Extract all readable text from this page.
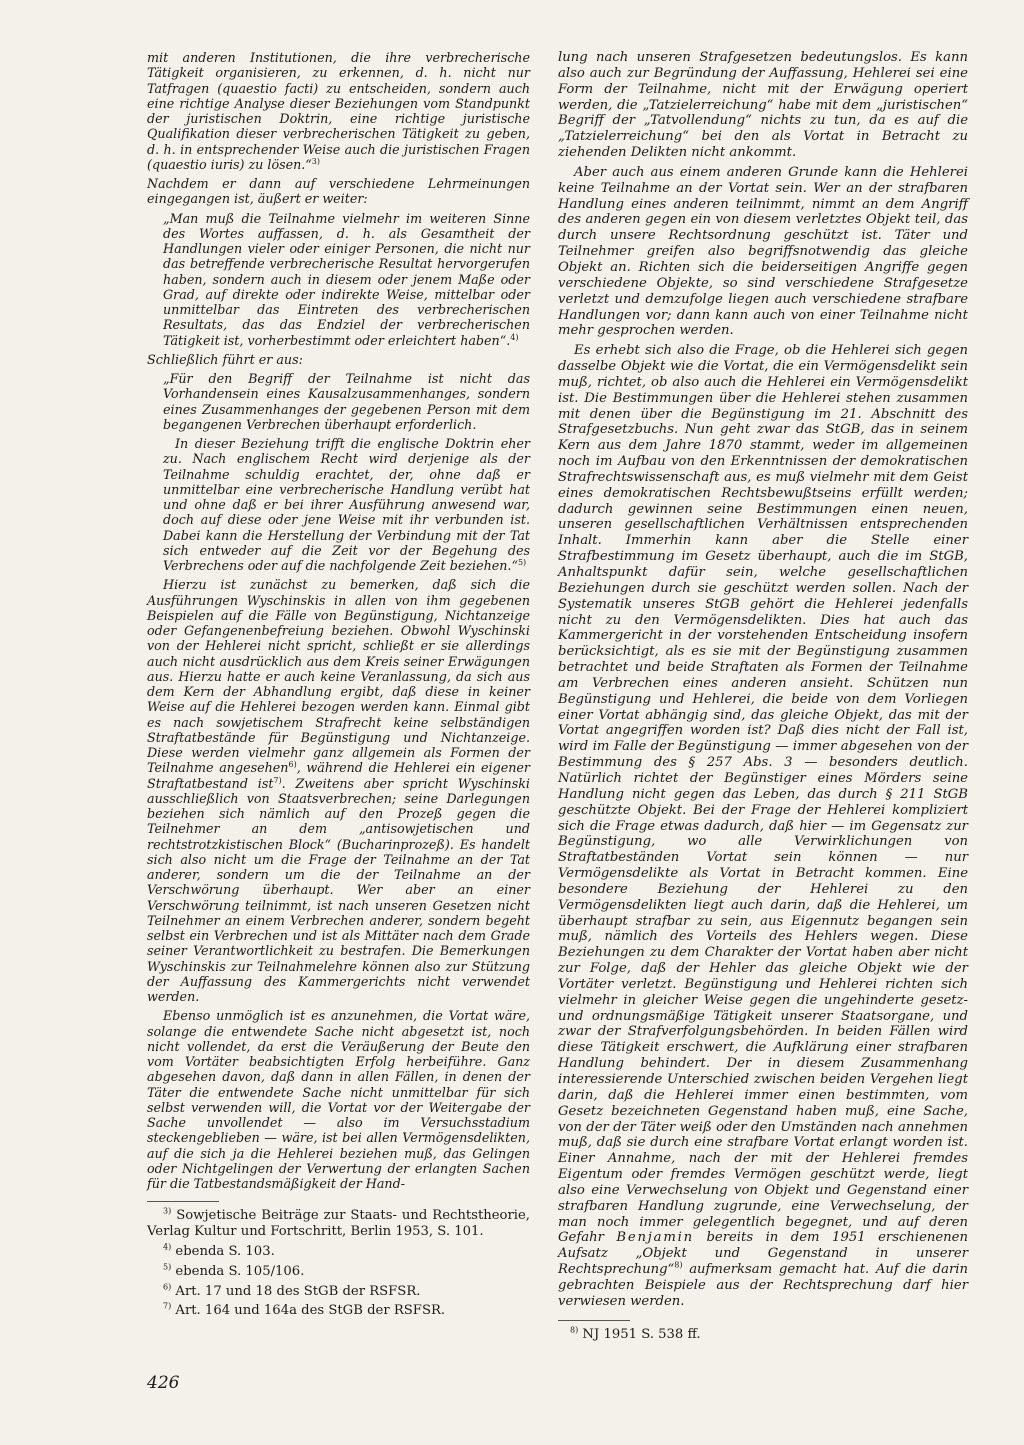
mit anderen Institutionen, die ihre verbrecherische Tätigkeit organisieren, zu erkennen, d. h. nicht nur Tatfragen (quaestio facti) zu entscheiden, sondern auch eine richtige Analyse dieser Beziehungen vom Standpunkt der juristischen Doktrin, eine richtige juristische Qualifikation dieser verbrecherischen Tätigkeit zu geben, d. h. in entsprechender Weise auch die juristischen Fragen (quaestio iuris) zu lösen.“$^{3)}$

Nachdem er dann auf verschiedene Lehrmeinungen eingegangen ist, äußert er weiter:

„Man muß die Teilnahme vielmehr im weiteren Sinne des Wortes auffassen, d. h. als Gesamtheit der Handlungen vieler oder einiger Personen, die nicht nur das betreffende verbrecherische Resultat hervorgerufen haben, sondern auch in diesem oder jenem Maße oder Grad, auf direkte oder indirekte Weise, mittelbar oder unmittelbar das Eintreten des verbrecherischen Resultats, das das Endziel der verbrecherischen Tätigkeit ist, vorherbestimmt oder erleichtert haben“.$^{4)}$

Schließlich führt er aus:

„Für den Begriff der Teilnahme ist nicht das Vorhandensein eines Kausalzusammenhanges, sondern eines Zusammenhanges der gegebenen Person mit dem begangenen Verbrechen überhaupt erforderlich.

In dieser Beziehung trifft die englische Doktrin eher zu. Nach englischem Recht wird derjenige als der Teilnahme schuldig erachtet, der, ohne daß er unmittelbar eine verbrecherische Handlung verübt hat und ohne daß er bei ihrer Ausführung anwesend war, doch auf diese oder jene Weise mit ihr verbunden ist. Dabei kann die Herstellung der Verbindung mit der Tat sich entweder auf die Zeit vor der Begehung des Verbrechens oder auf die nachfolgende Zeit beziehen.“$^{5)}$

Hierzu ist zunächst zu bemerken, daß sich die Ausführungen Wyschinskis in allen von ihm gegebenen Beispielen auf die Fälle von Begünstigung, Nichtanzeige oder Gefangenenbefreiung beziehen. Obwohl Wyschinski von der Hehlerei nicht spricht, schließt er sie allerdings auch nicht ausdrücklich aus dem Kreis seiner Erwägungen aus. Hierzu hatte er auch keine Veranlassung, da sich aus dem Kern der Abhandlung ergibt, daß diese in keiner Weise auf die Hehlerei bezogen werden kann. Einmal gibt es nach sowjetischem Strafrecht keine selbständigen Straftatbestände für Begünstigung und Nichtanzeige. Diese werden vielmehr ganz allgemein als Formen der Teilnahme angesehen$^{6)}$, während die Hehlerei ein eigener Straftatbestand ist$^{7)}$. Zweitens aber spricht Wyschinski ausschließlich von Staatsverbrechen; seine Darlegungen beziehen sich nämlich auf den Prozeß gegen die Teilnehmer an dem „antisowjetischen und rechtstrotzkistischen Block“ (Bucharinprozeß). Es handelt sich also nicht um die Frage der Teilnahme an der Tat anderer, sondern um die der Teilnahme an der Verschwörung überhaupt. Wer aber an einer Verschwörung teilnimmt, ist nach unseren Gesetzen nicht Teilnehmer an einem Verbrechen anderer, sondern begeht selbst ein Verbrechen und ist als Mittäter nach dem Grade seiner Verantwortlichkeit zu bestrafen. Die Bemerkungen Wyschinskis zur Teilnahmelehre können also zur Stützung der Auffassung des Kammergerichts nicht verwendet werden.

Ebenso unmöglich ist es anzunehmen, die Vortat wäre, solange die entwendete Sache nicht abgesetzt ist, noch nicht vollendet, da erst die Veräußerung der Beute den vom Vortäter beabsichtigten Erfolg herbeiführe. Ganz abgesehen davon, daß dann in allen Fällen, in denen der Täter die entwendete Sache nicht unmittelbar für sich selbst verwenden will, die Vortat vor der Weitergabe der Sache unvollendet — also im Versuchsstadium steckengeblieben — wäre, ist bei allen Vermögensdelikten, auf die sich ja die Hehlerei beziehen muß, das Gelingen oder Nichtgelingen der Verwertung der erlangten Sachen für die Tatbestandsmäßigkeit der Hand-

$^{3)}$ Sowjetische Beiträge zur Staats- und Rechtstheorie, Verlag Kultur und Fortschritt, Berlin 1953, S. 101.

$^{4)}$ ebenda S. 103.

$^{5)}$ ebenda S. 105/106.

$^{6)}$ Art. 17 und 18 des StGB der RSFSR.

$^{7)}$ Art. 164 und 164a des StGB der RSFSR.

lung nach unseren Strafgesetzen bedeutungslos. Es kann also auch zur Begründung der Auffassung, Hehlerei sei eine Form der Teilnahme, nicht mit der Erwägung operiert werden, die „Tatzielerreichung“ habe mit dem „juristischen“ Begriff der „Tatvollendung“ nichts zu tun, da es auf die „Tatzielerreichung“ bei den als Vortat in Betracht zu ziehenden Delikten nicht ankommt.

Aber auch aus einem anderen Grunde kann die Hehlerei keine Teilnahme an der Vortat sein. Wer an der strafbaren Handlung eines anderen teilnimmt, nimmt an dem Angriff des anderen gegen ein von diesem verletztes Objekt teil, das durch unsere Rechtsordnung geschützt ist. Täter und Teilnehmer greifen also begriffsnotwendig das gleiche Objekt an. Richten sich die beiderseitigen Angriffe gegen verschiedene Objekte, so sind verschiedene Strafgesetze verletzt und demzufolge liegen auch verschiedene strafbare Handlungen vor; dann kann auch von einer Teilnahme nicht mehr gesprochen werden.

Es erhebt sich also die Frage, ob die Hehlerei sich gegen dasselbe Objekt wie die Vortat, die ein Vermögensdelikt sein muß, richtet, ob also auch die Hehlerei ein Vermögensdelikt ist. Die Bestimmungen über die Hehlerei stehen zusammen mit denen über die Begünstigung im 21. Abschnitt des Strafgesetzbuchs. Nun geht zwar das StGB, das in seinem Kern aus dem Jahre 1870 stammt, weder im allgemeinen noch im Aufbau von den Erkenntnissen der demokratischen Strafrechtswissenschaft aus, es muß vielmehr mit dem Geist eines demokratischen Rechtsbewußtseins erfüllt werden; dadurch gewinnen seine Bestimmungen einen neuen, unseren gesellschaftlichen Verhältnissen entsprechenden Inhalt. Immerhin kann aber die Stelle einer Strafbestimmung im Gesetz überhaupt, auch die im StGB, Anhaltspunkt dafür sein, welche gesellschaftlichen Beziehungen durch sie geschützt werden sollen. Nach der Systematik unseres StGB gehört die Hehlerei jedenfalls nicht zu den Vermögensdelikten. Dies hat auch das Kammergericht in der vorstehenden Entscheidung insofern berücksichtigt, als es sie mit der Begünstigung zusammen betrachtet und beide Straftaten als Formen der Teilnahme am Verbrechen eines anderen ansieht. Schützen nun Begünstigung und Hehlerei, die beide von dem Vorliegen einer Vortat abhängig sind, das gleiche Objekt, das mit der Vortat angegriffen worden ist? Daß dies nicht der Fall ist, wird im Falle der Begünstigung — immer abgesehen von der Bestimmung des § 257 Abs. 3 — besonders deutlich. Natürlich richtet der Begünstiger eines Mörders seine Handlung nicht gegen das Leben, das durch § 211 StGB geschützte Objekt. Bei der Frage der Hehlerei kompliziert sich die Frage etwas dadurch, daß hier — im Gegensatz zur Begünstigung, wo alle Verwirklichungen von Straftatbeständen Vortat sein können — nur Vermögensdelikte als Vortat in Betracht kommen. Eine besondere Beziehung der Hehlerei zu den Vermögensdelikten liegt auch darin, daß die Hehlerei, um überhaupt strafbar zu sein, aus Eigennutz begangen sein muß, nämlich des Vorteils des Hehlers wegen. Diese Beziehungen zu dem Charakter der Vortat haben aber nicht zur Folge, daß der Hehler das gleiche Objekt wie der Vortäter verletzt. Begünstigung und Hehlerei richten sich vielmehr in gleicher Weise gegen die ungehinderte gesetz- und ordnungsmäßige Tätigkeit unserer Staatsorgane, und zwar der Strafverfolgungsbehörden. In beiden Fällen wird diese Tätigkeit erschwert, die Aufklärung einer strafbaren Handlung behindert. Der in diesem Zusammenhang interessierende Unterschied zwischen beiden Vergehen liegt darin, daß die Hehlerei immer einen bestimmten, vom Gesetz bezeichneten Gegenstand haben muß, eine Sache, von der der Täter weiß oder den Umständen nach annehmen muß, daß sie durch eine strafbare Vortat erlangt worden ist. Einer Annahme, nach der mit der Hehlerei fremdes Eigentum oder fremdes Vermögen geschützt werde, liegt also eine Verwechselung von Objekt und Gegenstand einer strafbaren Handlung zugrunde, eine Verwechselung, der man noch immer gelegentlich begegnet, und auf deren Gefahr Benjamin bereits in dem 1951 erschienenen Aufsatz „Objekt und Gegenstand in unserer Rechtsprechung“$^{8)}$ aufmerksam gemacht hat. Auf die darin gebrachten Beispiele aus der Rechtsprechung darf hier verwiesen werden.

$^{8)}$ NJ 1951 S. 538 ff.

426
